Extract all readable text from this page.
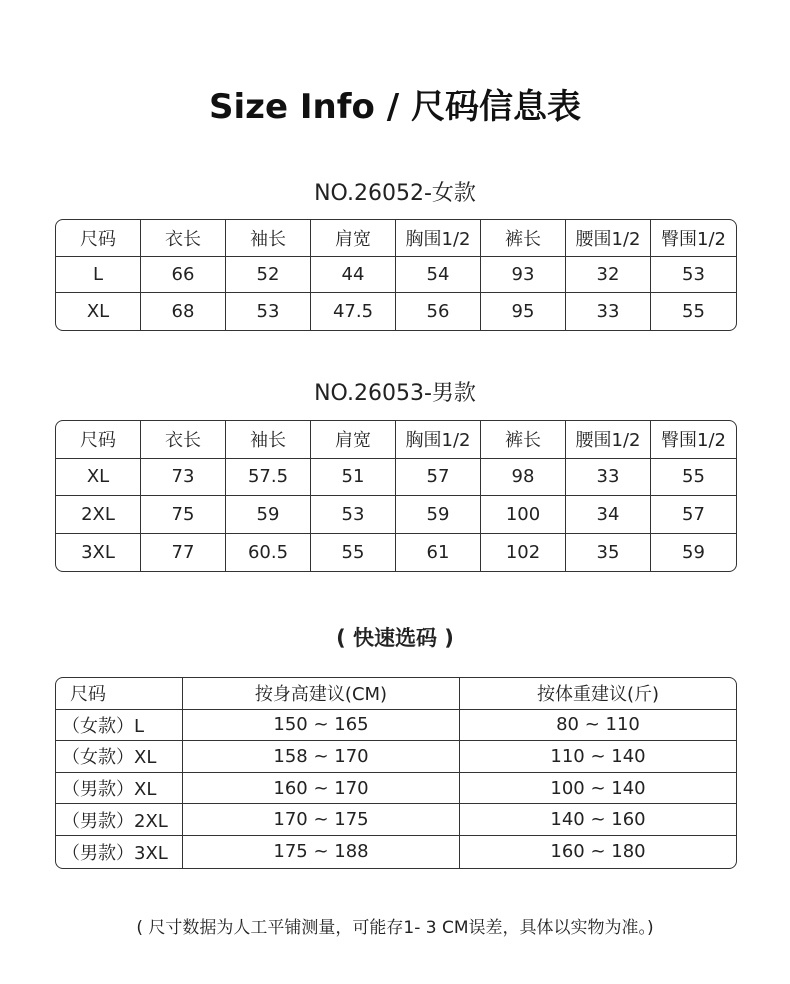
Size Info / 尺码信息表
NO.26052-女款
尺码	衣长	袖长	肩宽	胸围1/2	裤长	腰围1/2	臀围1/2
L	66	52	44	54	93	32	53
XL	68	53	47.5	56	95	33	55
NO.26053-男款
尺码	衣长	袖长	肩宽	胸围1/2	裤长	腰围1/2	臀围1/2
XL	73	57.5	51	57	98	33	55
2XL	75	59	53	59	100	34	57
3XL	77	60.5	55	61	102	35	59
( 快速选码 )
尺码	按身高建议(CM)	按体重建议(斤)
（女款）L	150 ~ 165	80 ~ 110
（女款）XL	158 ~ 170	110 ~ 140
（男款）XL	160 ~ 170	100 ~ 140
（男款）2XL	170 ~ 175	140 ~ 160
（男款）3XL	175 ~ 188	160 ~ 180
( 尺寸数据为人工平铺测量，可能存1- 3 CM误差，具体以实物为准。)
